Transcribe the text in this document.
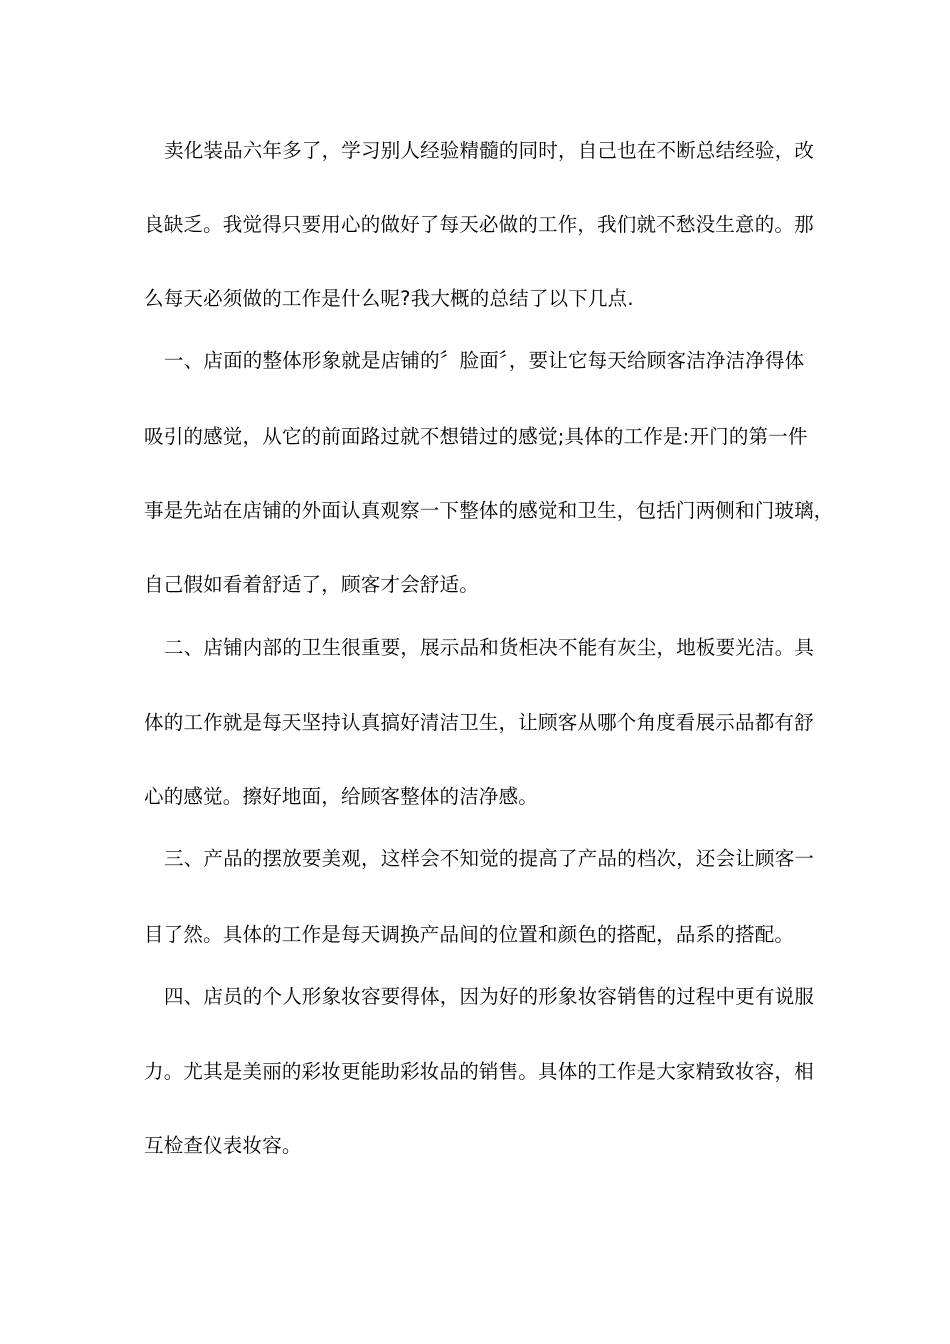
卖化装品六年多了，学习别人经验精髓的同时，自己也在不断总结经验，改
良缺乏。我觉得只要用心的做好了每天必做的工作，我们就不愁没生意的。那
么每天必须做的工作是什么呢?我大概的总结了以下几点.
一、店面的整体形象就是店铺的〞脸面〞，要让它每天给顾客洁净洁净得体
吸引的感觉，从它的前面路过就不想错过的感觉;具体的工作是:开门的第一件
事是先站在店铺的外面认真观察一下整体的感觉和卫生，包括门两侧和门玻璃，
自己假如看着舒适了，顾客才会舒适。
二、店铺内部的卫生很重要，展示品和货柜决不能有灰尘，地板要光洁。具
体的工作就是每天坚持认真搞好清洁卫生，让顾客从哪个角度看展示品都有舒
心的感觉。擦好地面，给顾客整体的洁净感。
三、产品的摆放要美观，这样会不知觉的提高了产品的档次，还会让顾客一
目了然。具体的工作是每天调换产品间的位置和颜色的搭配，品系的搭配。
四、店员的个人形象妆容要得体，因为好的形象妆容销售的过程中更有说服
力。尤其是美丽的彩妆更能助彩妆品的销售。具体的工作是大家精致妆容，相
互检查仪表妆容。
